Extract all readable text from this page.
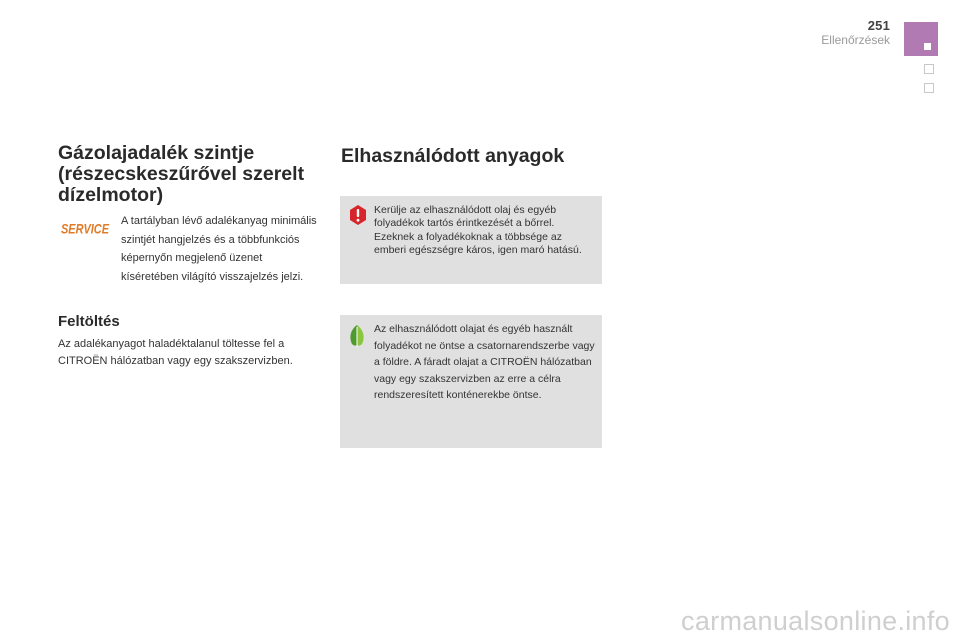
251
Ellenőrzések
Gázolajadalék szintje (részecskeszűrővel szerelt dízelmotor)
SERVICE A tartályban lévő adalékanyag minimális szintjét hangjelzés és a többfunkciós képernyőn megjelenő üzenet kíséretében világító visszajelzés jelzi.

Feltöltés

Az adalékanyagot haladéktalanul töltesse fel a CITROËN hálózatban vagy egy szakszervizben.

Elhasználódott anyagok

Kerülje az elhasználódott olaj és egyéb folyadékok tartós érintkezését a bőrrel. Ezeknek a folyadékoknak a többsége az emberi egészségre káros, igen maró hatású.

Az elhasználódott olajat és egyéb használt folyadékot ne öntse a csatornarendszerbe vagy a földre. A fáradt olajat a CITROËN hálózatban vagy egy szakszervizben az erre a célra rendszeresített konténerekbe öntse.

carmanualsonline.info
